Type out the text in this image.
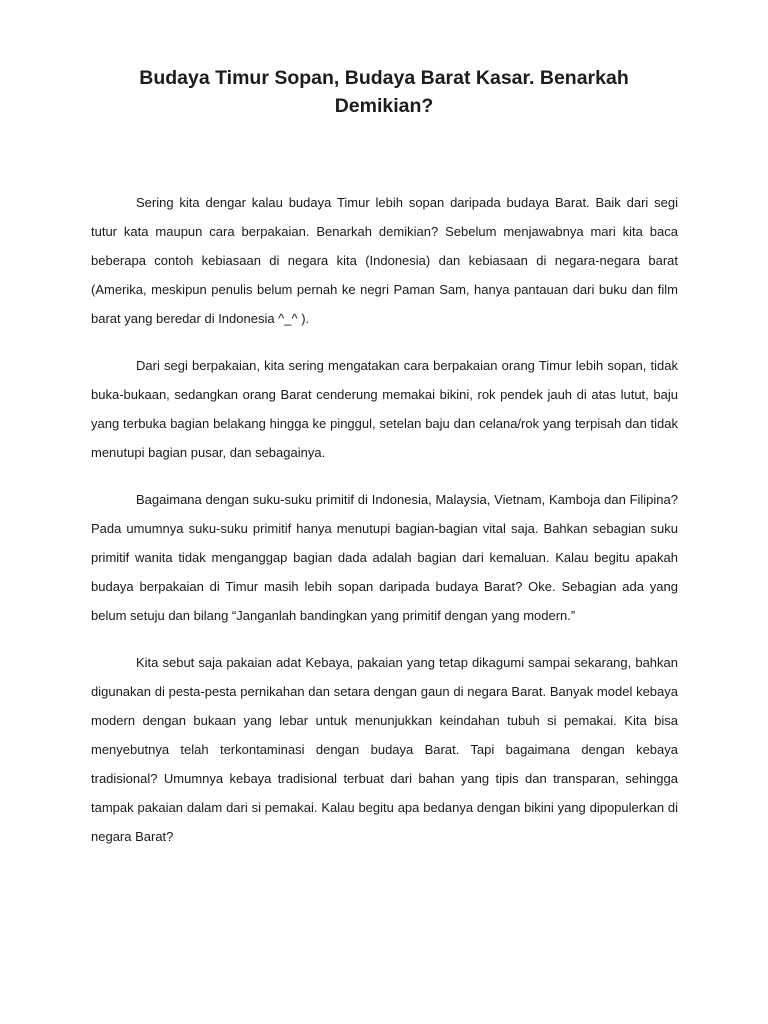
Budaya Timur Sopan, Budaya Barat Kasar. Benarkah Demikian?

Sering kita dengar kalau budaya Timur lebih sopan daripada budaya Barat. Baik dari segi tutur kata maupun cara berpakaian. Benarkah demikian? Sebelum menjawabnya mari kita baca beberapa contoh kebiasaan di negara kita (Indonesia) dan kebiasaan di negara-negara barat (Amerika, meskipun penulis belum pernah ke negri Paman Sam, hanya pantauan dari buku dan film barat yang beredar di Indonesia ^_^ ).

Dari segi berpakaian, kita sering mengatakan cara berpakaian orang Timur lebih sopan, tidak buka-bukaan, sedangkan orang Barat cenderung memakai bikini, rok pendek jauh di atas lutut, baju yang terbuka bagian belakang hingga ke pinggul, setelan baju dan celana/rok yang terpisah dan tidak menutupi bagian pusar, dan sebagainya.

Bagaimana dengan suku-suku primitif di Indonesia, Malaysia, Vietnam, Kamboja dan Filipina? Pada umumnya suku-suku primitif hanya menutupi bagian-bagian vital saja. Bahkan sebagian suku primitif wanita tidak menganggap bagian dada adalah bagian dari kemaluan. Kalau begitu apakah budaya berpakaian di Timur masih lebih sopan daripada budaya Barat? Oke. Sebagian ada yang belum setuju dan bilang “Janganlah bandingkan yang primitif dengan yang modern.”

Kita sebut saja pakaian adat Kebaya, pakaian yang tetap dikagumi sampai sekarang, bahkan digunakan di pesta-pesta pernikahan dan setara dengan gaun di negara Barat. Banyak model kebaya modern dengan bukaan yang lebar untuk menunjukkan keindahan tubuh si pemakai. Kita bisa menyebutnya telah terkontaminasi dengan budaya Barat. Tapi bagaimana dengan kebaya tradisional? Umumnya kebaya tradisional terbuat dari bahan yang tipis dan transparan, sehingga tampak pakaian dalam dari si pemakai. Kalau begitu apa bedanya dengan bikini yang dipopulerkan di negara Barat?
